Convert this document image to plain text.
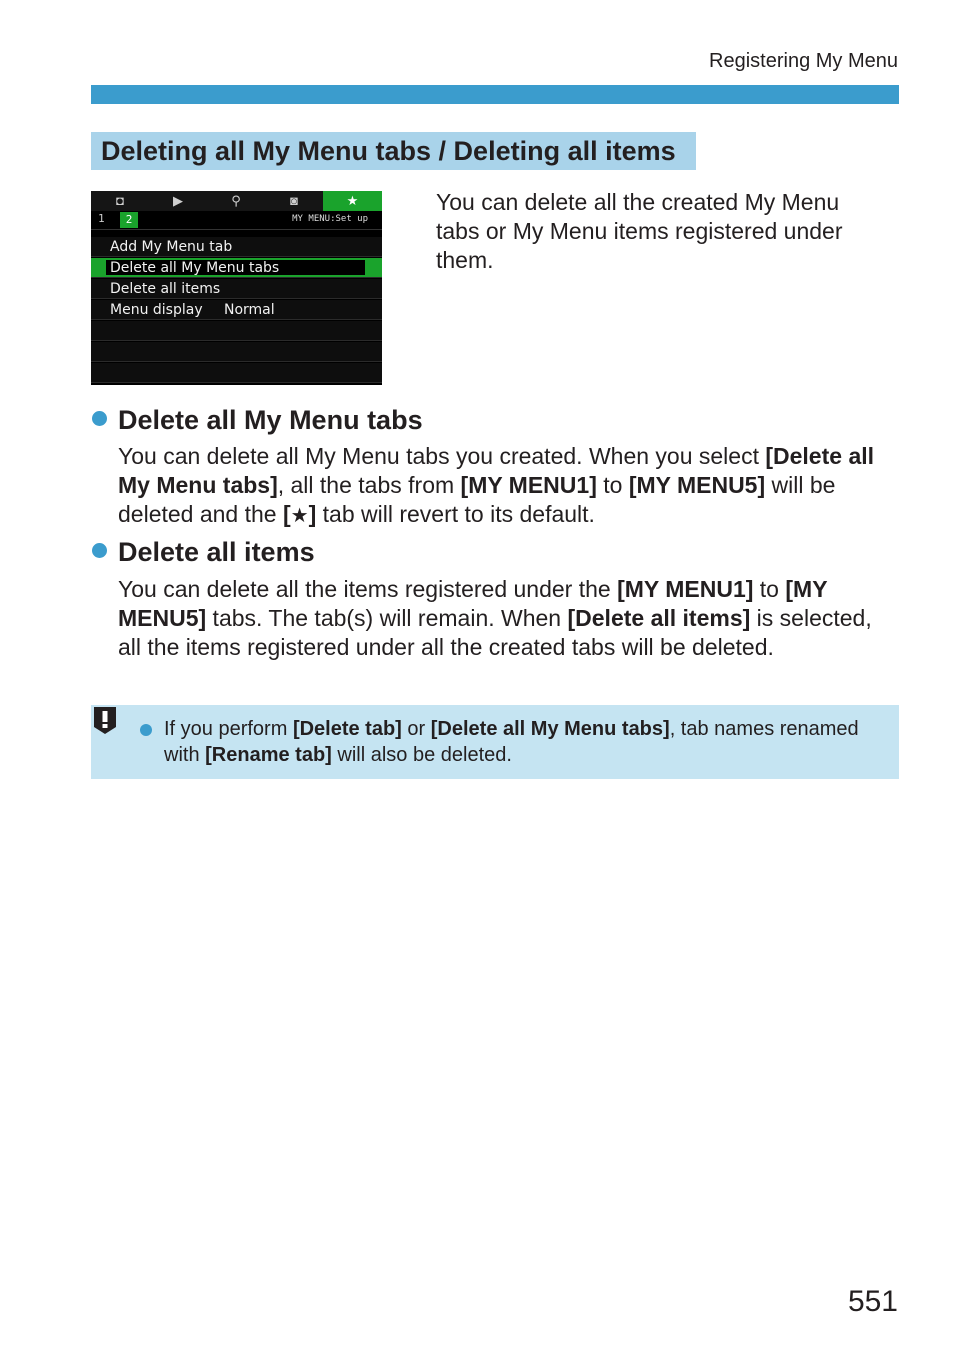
Registering My Menu
Deleting all My Menu tabs / Deleting all items
◘	▶	⚲	◙	★
1	2	MY MENU:Set up
Add My Menu tab
Delete all My Menu tabs
Delete all items
Menu display Normal
You can delete all the created My Menu tabs or My Menu items registered under them.
Delete all My Menu tabs
You can delete all My Menu tabs you created. When you select [Delete all My Menu tabs], all the tabs from [MY MENU1] to [MY MENU5] will be deleted and the [★] tab will revert to its default.
Delete all items
You can delete all the items registered under the [MY MENU1] to [MY MENU5] tabs. The tab(s) will remain. When [Delete all items] is selected, all the items registered under all the created tabs will be deleted.
If you perform [Delete tab] or [Delete all My Menu tabs], tab names renamed with [Rename tab] will also be deleted.
551
